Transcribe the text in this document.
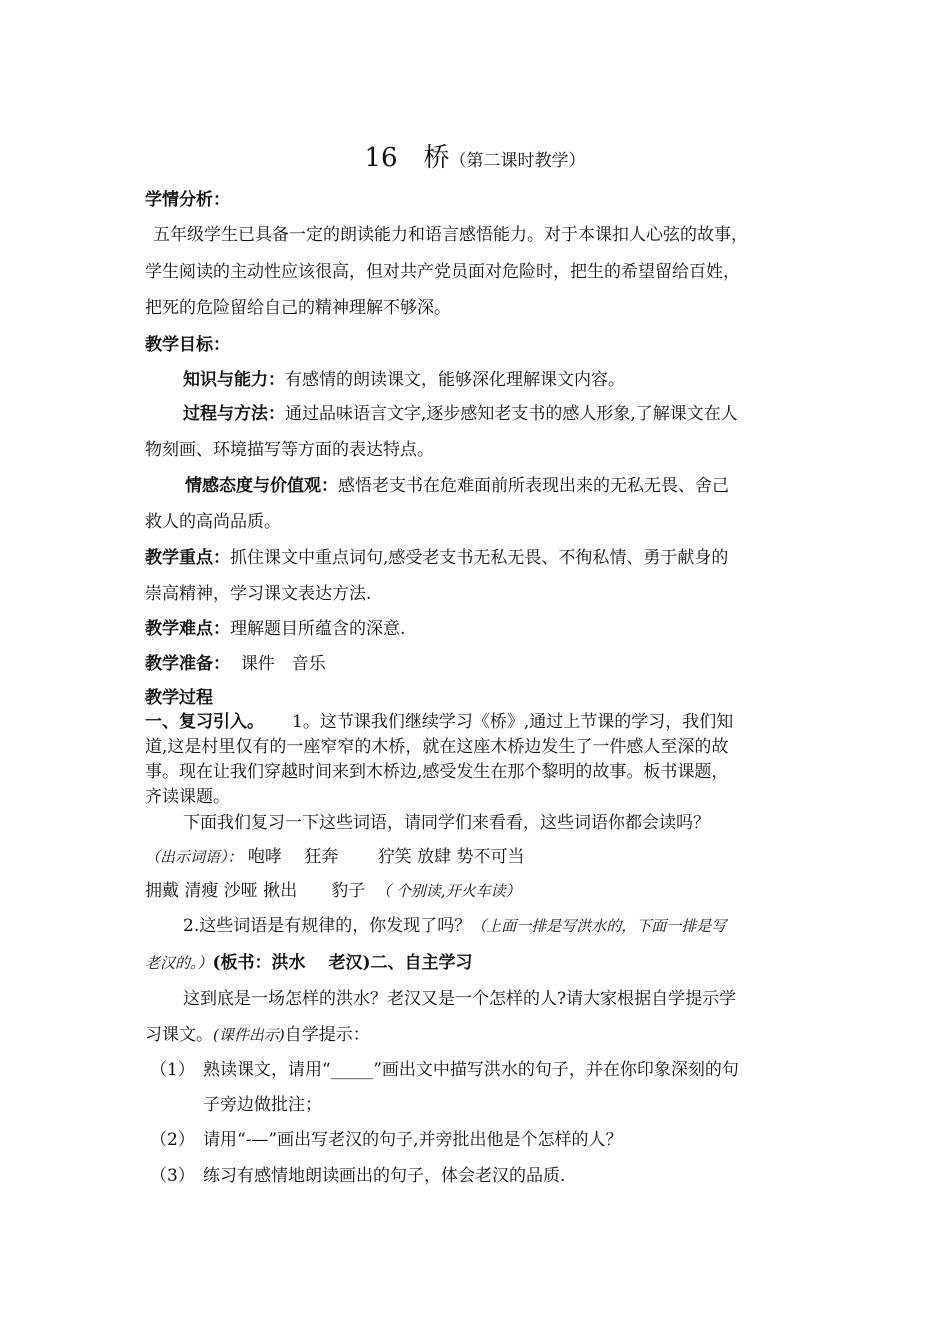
16　桥（第二课时教学）
学情分析：
五年级学生已具备一定的朗读能力和语言感悟能力。对于本课扣人心弦的故事，
学生阅读的主动性应该很高，但对共产党员面对危险时，把生的希望留给百姓，
把死的危险留给自己的精神理解不够深。
教学目标：
知识与能力：有感情的朗读课文，能够深化理解课文内容。
过程与方法：通过品味语言文字,逐步感知老支书的感人形象,了解课文在人
物刻画、环境描写等方面的表达特点。
情感态度与价值观：感悟老支书在危难面前所表现出来的无私无畏、舍己
救人的高尚品质。
教学重点：抓住课文中重点词句,感受老支书无私无畏、不徇私情、勇于献身的
崇高精神，学习课文表达方法.
教学难点：理解题目所蕴含的深意.
教学准备： 课件　音乐
教学过程
一、复习引入。 1。这节课我们继续学习《桥》,通过上节课的学习，我们知
道,这是村里仅有的一座窄窄的木桥，就在这座木桥边发生了一件感人至深的故
事。现在让我们穿越时间来到木桥边,感受发生在那个黎明的故事。板书课题，
齐读课题。
下面我们复习一下这些词语，请同学们来看看，这些词语你都会读吗？
（出示词语）： 咆哮　 狂奔　 　狞笑 放肆 势不可当
拥戴 清瘦 沙哑 揪出　　豹子 （ 个别读,开火车读）
2.这些词语是有规律的，你发现了吗？（上面一排是写洪水的，下面一排是写
老汉的。）(板书：洪水　 老汉)二、自主学习
这到底是一场怎样的洪水？老汉又是一个怎样的人?请大家根据自学提示学
习课文。(课件出示)自学提示：
（1） 熟读课文，请用“_____”画出文中描写洪水的句子，并在你印象深刻的句
子旁边做批注；
（2） 请用“-—”画出写老汉的句子,并旁批出他是个怎样的人？
（3） 练习有感情地朗读画出的句子，体会老汉的品质.
